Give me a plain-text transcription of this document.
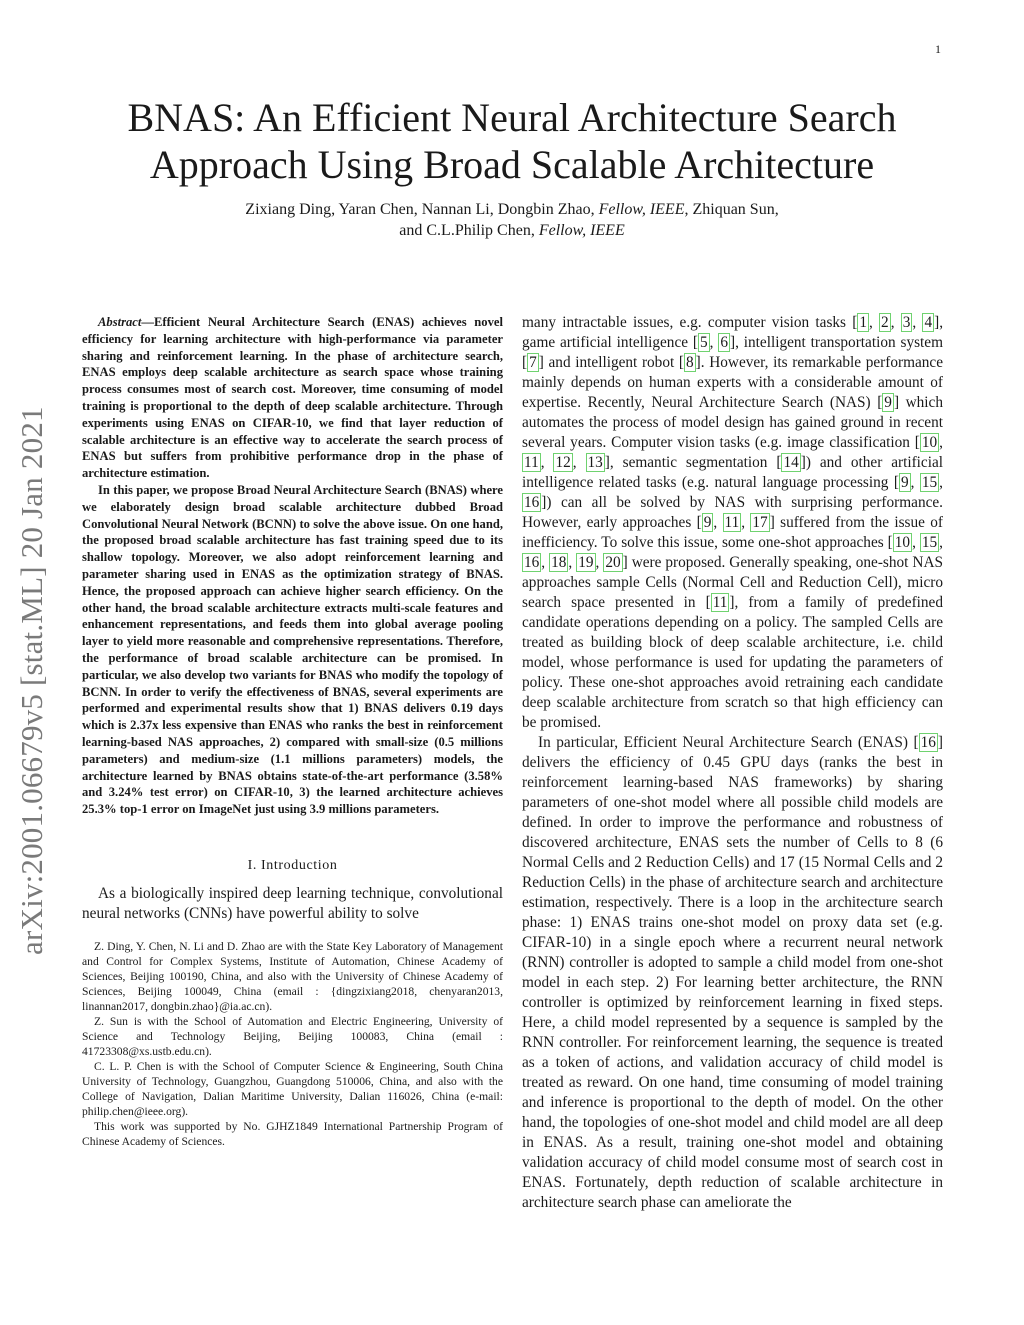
1
arXiv:2001.06679v5 [stat.ML] 20 Jan 2021
BNAS: An Efficient Neural Architecture Search Approach Using Broad Scalable Architecture
Zixiang Ding, Yaran Chen, Nannan Li, Dongbin Zhao, Fellow, IEEE, Zhiquan Sun,
and C.L.Philip Chen, Fellow, IEEE

Abstract—Efficient Neural Architecture Search (ENAS) achieves novel efficiency for learning architecture with high-performance via parameter sharing and reinforcement learning. In the phase of architecture search, ENAS employs deep scalable architecture as search space whose training process consumes most of search cost. Moreover, time consuming of model training is proportional to the depth of deep scalable architecture. Through experiments using ENAS on CIFAR-10, we find that layer reduction of scalable architecture is an effective way to accelerate the search process of ENAS but suffers from prohibitive performance drop in the phase of architecture estimation.

In this paper, we propose Broad Neural Architecture Search (BNAS) where we elaborately design broad scalable architecture dubbed Broad Convolutional Neural Network (BCNN) to solve the above issue. On one hand, the proposed broad scalable architecture has fast training speed due to its shallow topology. Moreover, we also adopt reinforcement learning and parameter sharing used in ENAS as the optimization strategy of BNAS. Hence, the proposed approach can achieve higher search efficiency. On the other hand, the broad scalable architecture extracts multi-scale features and enhancement representations, and feeds them into global average pooling layer to yield more reasonable and comprehensive representations. Therefore, the performance of broad scalable architecture can be promised. In particular, we also develop two variants for BNAS who modify the topology of BCNN. In order to verify the effectiveness of BNAS, several experiments are performed and experimental results show that 1) BNAS delivers 0.19 days which is 2.37x less expensive than ENAS who ranks the best in reinforcement learning-based NAS approaches, 2) compared with small-size (0.5 millions parameters) and medium-size (1.1 millions parameters) models, the architecture learned by BNAS obtains state-of-the-art performance (3.58% and 3.24% test error) on CIFAR-10, 3) the learned architecture achieves 25.3% top-1 error on ImageNet just using 3.9 millions parameters.

I. Introduction

As a biologically inspired deep learning technique, convolutional neural networks (CNNs) have powerful ability to solve

Z. Ding, Y. Chen, N. Li and D. Zhao are with the State Key Laboratory of Management and Control for Complex Systems, Institute of Automation, Chinese Academy of Sciences, Beijing 100190, China, and also with the University of Chinese Academy of Sciences, Beijing 100049, China (email : {dingzixiang2018, chenyaran2013, linannan2017, dongbin.zhao}@ia.ac.cn).

Z. Sun is with the School of Automation and Electric Engineering, University of Science and Technology Beijing, Beijing 100083, China (email : 41723308@xs.ustb.edu.cn).

C. L. P. Chen is with the School of Computer Science & Engineering, South China University of Technology, Guangzhou, Guangdong 510006, China, and also with the College of Navigation, Dalian Maritime University, Dalian 116026, China (e-mail: philip.chen@ieee.org).

This work was supported by No. GJHZ1849 International Partnership Program of Chinese Academy of Sciences.

many intractable issues, e.g. computer vision tasks [ 1 , 2 , 3 , 4 ], game artificial intelligence [ 5 , 6 ], intelligent transportation system [ 7 ] and intelligent robot [ 8 ]. However, its remarkable performance mainly depends on human experts with a considerable amount of expertise. Recently, Neural Architecture Search (NAS) [ 9 ] which automates the process of model design has gained ground in recent several years. Computer vision tasks (e.g. image classification [ 10 , 11 , 12 , 13 ], semantic segmentation [ 14 ]) and other artificial intelligence related tasks (e.g. natural language processing [ 9 , 15 , 16 ]) can all be solved by NAS with surprising performance. However, early approaches [ 9 , 11 , 17 ] suffered from the issue of inefficiency. To solve this issue, some one-shot approaches [ 10 , 15 , 16 , 18 , 19 , 20 ] were proposed. Generally speaking, one-shot NAS approaches sample Cells (Normal Cell and Reduction Cell), micro search space presented in [ 11 ], from a family of predefined candidate operations depending on a policy. The sampled Cells are treated as building block of deep scalable architecture, i.e. child model, whose performance is used for updating the parameters of policy. These one-shot approaches avoid retraining each candidate deep scalable architecture from scratch so that high efficiency can be promised.

In particular, Efficient Neural Architecture Search (ENAS) [ 16 ] delivers the efficiency of 0.45 GPU days (ranks the best in reinforcement learning-based NAS frameworks) by sharing parameters of one-shot model where all possible child models are defined. In order to improve the performance and robustness of discovered architecture, ENAS sets the number of Cells to 8 (6 Normal Cells and 2 Reduction Cells) and 17 (15 Normal Cells and 2 Reduction Cells) in the phase of architecture search and architecture estimation, respectively. There is a loop in the architecture search phase: 1) ENAS trains one-shot model on proxy data set (e.g. CIFAR-10) in a single epoch where a recurrent neural network (RNN) controller is adopted to sample a child model from one-shot model in each step. 2) For learning better architecture, the RNN controller is optimized by reinforcement learning in fixed steps. Here, a child model represented by a sequence is sampled by the RNN controller. For reinforcement learning, the sequence is treated as a token of actions, and validation accuracy of child model is treated as reward. On one hand, time consuming of model training and inference is proportional to the depth of model. On the other hand, the topologies of one-shot model and child model are all deep in ENAS. As a result, training one-shot model and obtaining validation accuracy of child model consume most of search cost in ENAS. Fortunately, depth reduction of scalable architecture in architecture search phase can ameliorate the
